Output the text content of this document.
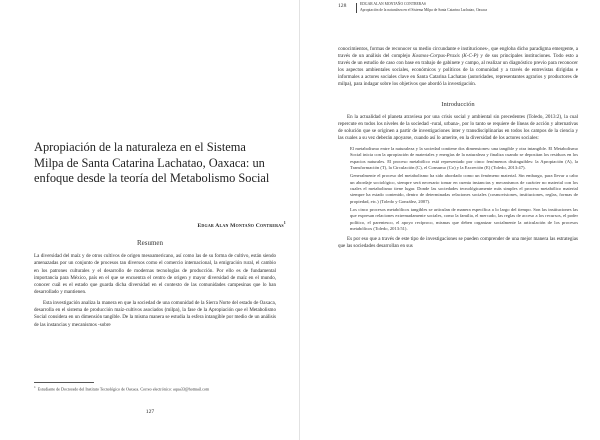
Apropiación de la naturaleza en el Sistema Milpa de Santa Catarina Lachatao, Oaxaca: un enfoque desde la teoría del Metabolismo Social
Edgar Alan Montaño Contreras$^1$
Resumen

La diversidad del maíz y de otros cultivos de origen mesoamericano, así como las de su forma de cultivo, están siendo amenazadas por un conjunto de procesos tan diversos como el comercio internacional, la emigración rural, el cambio en los patrones culturales y el desarrollo de modernas tecnologías de producción. Por ello es de fundamental importancia para México, país en el que se encuentra el centro de origen y mayor diversidad de maíz en el mundo, conocer cuál es el estado que guarda dicha diversidad en el contexto de las comunidades campesinas que lo han desarrollado y mantienen.

Esta investigación analiza la manera en que la sociedad de una comunidad de la Sierra Norte del estado de Oaxaca, desarrolla en el sistema de producción maíz-cultivos asociados (milpa), la fase de la Apropiación que el Metabolismo Social considera en un dimensión tangible. De la misma manera se estudia la esfera intangible por medio de un análisis de las instancias y mecanismos -sobre

$^1$ Estudiante de Doctorado del Instituto Tecnológico de Oaxaca. Correo electrónico: aqua33@hotmail.com
127
128	EDGAR ALAN MONTAÑO CONTRERAS
Apropiación de la naturaleza en el Sistema Milpa de Santa Catarina Lachatao, Oaxaca

conocimientos, formas de reconocer su medio circundante e instituciones-, que engloba dicho paradigma emergente, a través de un análisis del complejo Kosmos-Corpus-Praxis (K-C-P) y de sus principales instituciones. Todo esto a través de un estudio de caso con base en trabajo de gabinete y campo, al realizar un diagnóstico previo para reconocer los aspectos ambientales sociales, económicos y políticos de la comunidad y a través de entrevistas dirigidas e informales a actores sociales clave en Santa Catarina Lachatao (autoridades, representantes agrarios y productores de milpa), para indagar sobre los objetivos que abordó la investigación.

Introducción

En la actualidad el planeta atraviesa por una crisis social y ambiental sin precedentes (Toledo, 2013:2), la cual repercute en todos los niveles de la sociedad -rural, urbana-, por lo tanto se requiere de líneas de acción y alternativas de solución que se originen a partir de investigaciones inter y transdisciplinarias en todos los campos de la ciencia y las cuales a su vez deberán apoyarse, cuando así lo amerite, en la diversidad de los actores sociales:

El metabolismo entre la naturaleza y la sociedad contiene dos dimensiones: una tangible y otra intangible. El Metabolismo Social inicia con la apropiación de materiales y energías de la naturaleza y finaliza cuando se depositan los residuos en los espacios naturales. El proceso metabólico está representado por cinco fenómenos distinguibles: la Apropiación (A), la Transformación (T), la Circulación (C), el Consumo (Co) y la Excreción (E) (Toledo, 2013:47).

Generalmente el proceso del metabolismo ha sido abordado como un fenómeno material. Sin embargo, para llevar a cabo un abordaje sociológico, siempre será necesario tomar en cuenta instancias y mecanismos de carácter no material con los cuales el metabolismo tiene lugar. Donde las sociedades tecnológicamente más simples el proceso metabólico material siempre ha estado contenido, dentro de determinadas relaciones sociales (cosmovisiones, instituciones, reglas, formas de propiedad, etc.) (Toledo y González, 2007).

Los cinco procesos metabólicos tangibles se articulan de manera específica a lo largo del tiempo. Son las instituciones las que expresan relaciones extremadamente sociales, como la familia, el mercado, las reglas de acceso a los recursos, el poder político, el parentesco, el apoyo recíproco, mismas que deben organizar socialmente la articulación de los procesos metabólicos (Toledo, 2013:51).

Es por eso que a través de este tipo de investigaciones se pueden comprender de una mejor manera las estrategias que las sociedades desarrollan en sus
